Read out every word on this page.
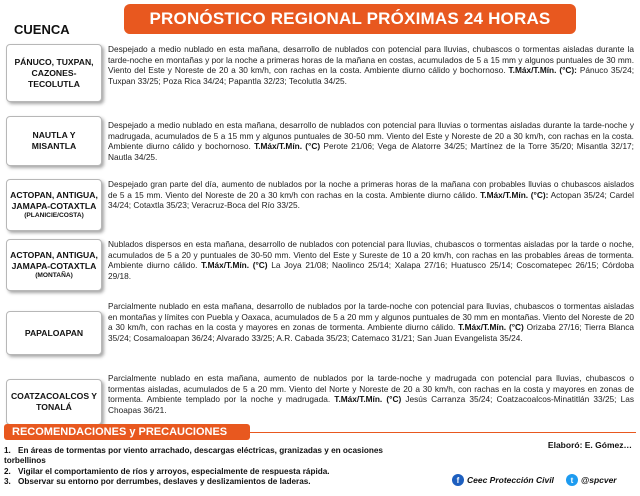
PRONÓSTICO REGIONAL PRÓXIMAS 24 HORAS
CUENCA
PÁNUCO, TUXPAN, CAZONES-TECOLUTLA
Despejado a medio nublado en esta mañana, desarrollo de nublados con potencial para lluvias, chubascos o tormentas aisladas durante la tarde-noche en montañas y por la noche a primeras horas de la mañana en costas, acumulados de 5 a 15 mm y algunos puntuales de 30 mm. Viento del Este y Noreste de 20 a 30 km/h, con rachas en la costa. Ambiente diurno cálido y bochornoso. T.Máx/T.Mín. (°C): Pánuco 35/24; Tuxpan 33/25; Poza Rica 34/24; Papantla 32/23; Tecolutla 34/25.
NAUTLA Y MISANTLA
Despejado a medio nublado en esta mañana, desarrollo de nublados con potencial para lluvias o tormentas aisladas durante la tarde-noche y madrugada, acumulados de 5 a 15 mm y algunos puntuales de 30-50 mm. Viento del Este y Noreste de 20 a 30 km/h, con rachas en la costa. Ambiente diurno cálido y bochornoso. T.Máx/T.Mín. (°C) Perote 21/06; Vega de Alatorre 34/25; Martínez de la Torre 35/20; Misantla 32/17; Nautla 34/25.
ACTOPAN, ANTIGUA, JAMAPA-COTAXTLA
(PLANICIE/COSTA)
Despejado gran parte del día, aumento de nublados por la noche a primeras horas de la mañana con probables lluvias o chubascos aislados de 5 a 15 mm. Viento del Noreste de 20 a 30 km/h con rachas en la costa. Ambiente diurno cálido. T.Máx/T.Mín. (°C): Actopan 35/24; Cardel 34/24; Cotaxtla 35/23; Veracruz-Boca del Río 33/25.
ACTOPAN, ANTIGUA, JAMAPA-COTAXTLA
(MONTAÑA)
Nublados dispersos en esta mañana, desarrollo de nublados con potencial para lluvias, chubascos o tormentas aisladas por la tarde o noche, acumulados de 5 a 20 y puntuales de 30-50 mm. Viento del Este y Sureste de 10 a 20 km/h, con rachas en las probables áreas de tormenta. Ambiente diurno cálido. T.Máx/T.Mín. (°C) La Joya 21/08; Naolinco 25/14; Xalapa 27/16; Huatusco 25/14; Coscomatepec 26/15; Córdoba 29/18.
PAPALOAPAN
Parcialmente nublado en esta mañana, desarrollo de nublados por la tarde-noche con potencial para lluvias, chubascos o tormentas aisladas en montañas y límites con Puebla y Oaxaca, acumulados de 5 a 20 mm y algunos puntuales de 30 mm en montañas. Viento del Noreste de 20 a 30 km/h, con rachas en la costa y mayores en zonas de tormenta. Ambiente diurno cálido. T.Máx/T.Mín. (°C) Orizaba 27/16; Tierra Blanca 35/24; Cosamaloapan 36/24; Alvarado 33/25; A.R. Cabada 35/23; Catemaco 31/21; San Juan Evangelista 35/24.
COATZACOALCOS Y TONALÁ
Parcialmente nublado en esta mañana, aumento de nublados por la tarde-noche y madrugada con potencial para lluvias, chubascos o tormentas aisladas, acumulados de 5 a 20 mm. Viento del Norte y Noreste de 20 a 30 km/h, con rachas en la costa y mayores en zonas de tormenta. Ambiente templado por la noche y madrugada. T.Máx/T.Mín. (°C) Jesús Carranza 35/24; Coatzacoalcos-Minatitlán 33/25; Las Choapas 36/21.
RECOMENDACIONES y PRECAUCIONES
Elaboró: E. Gómez…
1. En áreas de tormentas por viento arrachado, descargas eléctricas, granizadas y en ocasiones torbellinos
2. Vigilar el comportamiento de ríos y arroyos, especialmente de respuesta rápida.
3. Observar su entorno por derrumbes, deslaves y deslizamientos de laderas.	f Ceec Protección Civil	t @spcver
